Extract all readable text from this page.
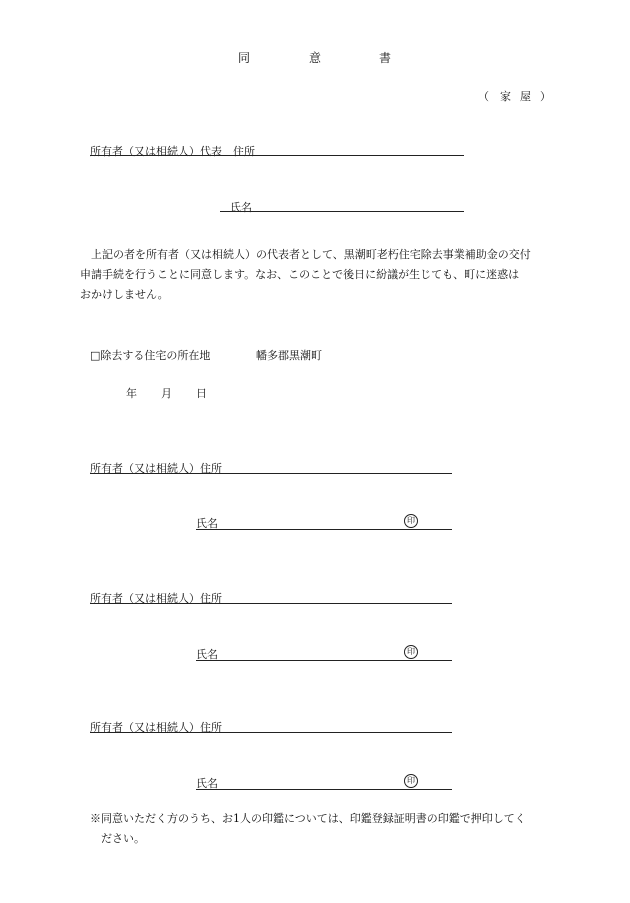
同	意	書
（ 家 屋 ）
所有者（又は相続人）代表　住所
氏名
上記の者を所有者（又は相続人）の代表者として、黒潮町老朽住宅除去事業補助金の交付
申請手続を行うことに同意します。なお、このことで後日に紛議が生じても、町に迷惑は
おかけしません。
□除去する住宅の所在地	幡多郡黒潮町
年 月 日
所有者（又は相続人）住所
氏名	印
所有者（又は相続人）住所
氏名	印
所有者（又は相続人）住所
氏名	印
※同意いただく方のうち、お1人の印鑑については、印鑑登録証明書の印鑑で押印してく
ださい。
